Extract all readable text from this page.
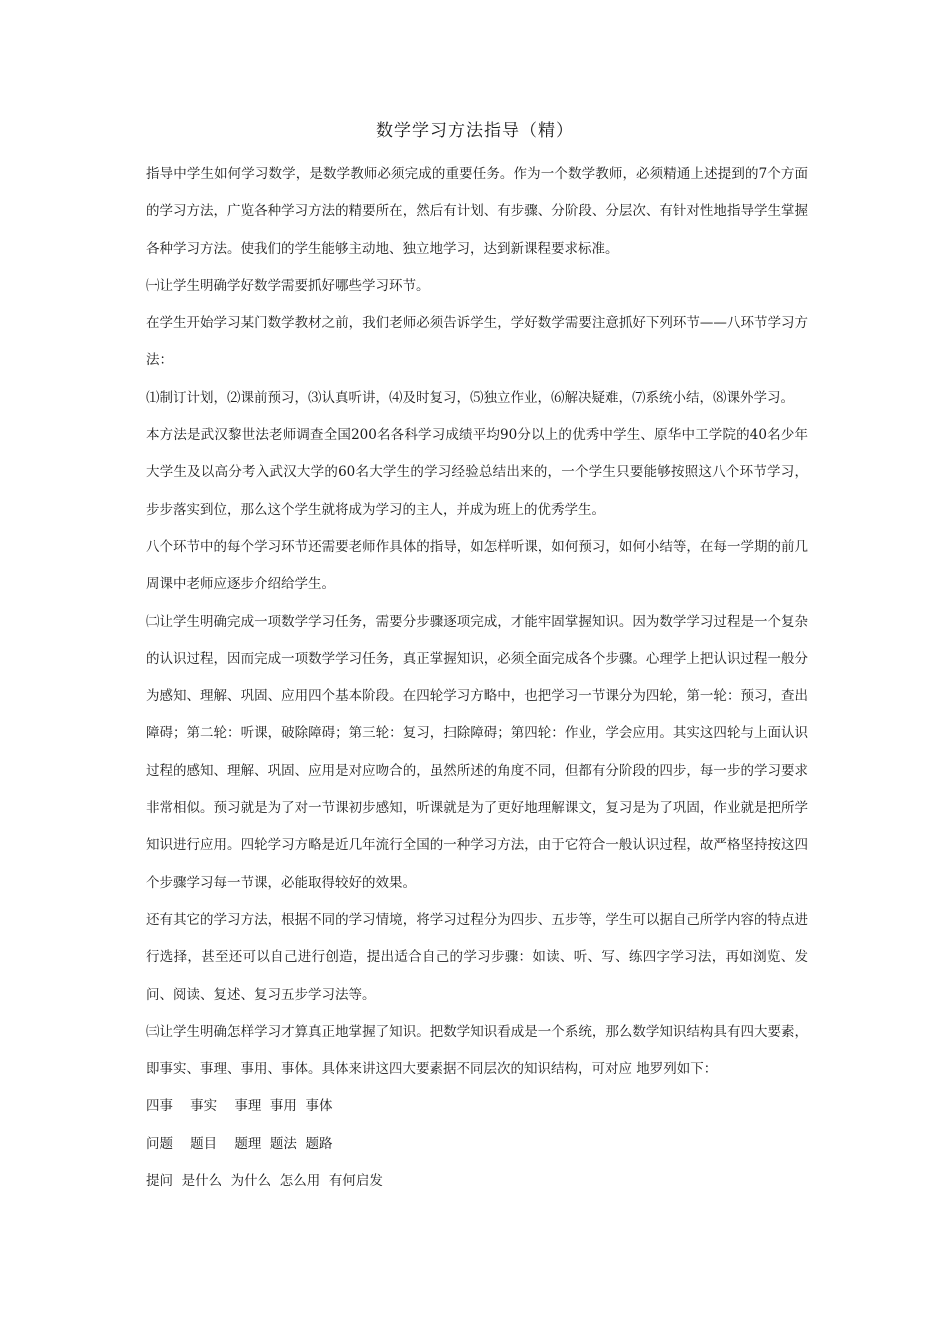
数学学习方法指导（精）

指导中学生如何学习数学，是数学教师必须完成的重要任务。作为一个数学教师，必须精通上述提到的7个方面的学习方法，广览各种学习方法的精要所在，然后有计划、有步骤、分阶段、分层次、有针对性地指导学生掌握各种学习方法。使我们的学生能够主动地、独立地学习，达到新课程要求标准。

㈠让学生明确学好数学需要抓好哪些学习环节。

在学生开始学习某门数学教材之前，我们老师必须告诉学生，学好数学需要注意抓好下列环节——八环节学习方法：

⑴制订计划，⑵课前预习，⑶认真听讲，⑷及时复习，⑸独立作业，⑹解决疑难，⑺系统小结，⑻课外学习。

本方法是武汉黎世法老师调查全国200名各科学习成绩平均90分以上的优秀中学生、原华中工学院的40名少年大学生及以高分考入武汉大学的60名大学生的学习经验总结出来的，一个学生只要能够按照这八个环节学习，步步落实到位，那么这个学生就将成为学习的主人，并成为班上的优秀学生。

八个环节中的每个学习环节还需要老师作具体的指导，如怎样听课，如何预习，如何小结等，在每一学期的前几周课中老师应逐步介绍给学生。

㈡让学生明确完成一项数学学习任务，需要分步骤逐项完成，才能牢固掌握知识。因为数学学习过程是一个复杂的认识过程，因而完成一项数学学习任务，真正掌握知识，必须全面完成各个步骤。心理学上把认识过程一般分为感知、理解、巩固、应用四个基本阶段。在四轮学习方略中，也把学习一节课分为四轮，第一轮：预习，查出障碍；第二轮：听课，破除障碍；第三轮：复习，扫除障碍；第四轮：作业，学会应用。其实这四轮与上面认识过程的感知、理解、巩固、应用是对应吻合的，虽然所述的角度不同，但都有分阶段的四步，每一步的学习要求非常相似。预习就是为了对一节课初步感知，听课就是为了更好地理解课文，复习是为了巩固，作业就是把所学知识进行应用。四轮学习方略是近几年流行全国的一种学习方法，由于它符合一般认识过程，故严格坚持按这四个步骤学习每一节课，必能取得较好的效果。

还有其它的学习方法，根据不同的学习情境，将学习过程分为四步、五步等，学生可以据自己所学内容的特点进行选择，甚至还可以自己进行创造，提出适合自己的学习步骤：如读、听、写、练四字学习法，再如浏览、发问、阅读、复述、复习五步学习法等。

㈢让学生明确怎样学习才算真正地掌握了知识。把数学知识看成是一个系统，那么数学知识结构具有四大要素，即事实、事理、事用、事体。具体来讲这四大要素据不同层次的知识结构，可对应 地罗列如下：

四事    事实    事理  事用  事体

问题    题目    题理  题法  题路

提问  是什么  为什么  怎么用  有何启发
